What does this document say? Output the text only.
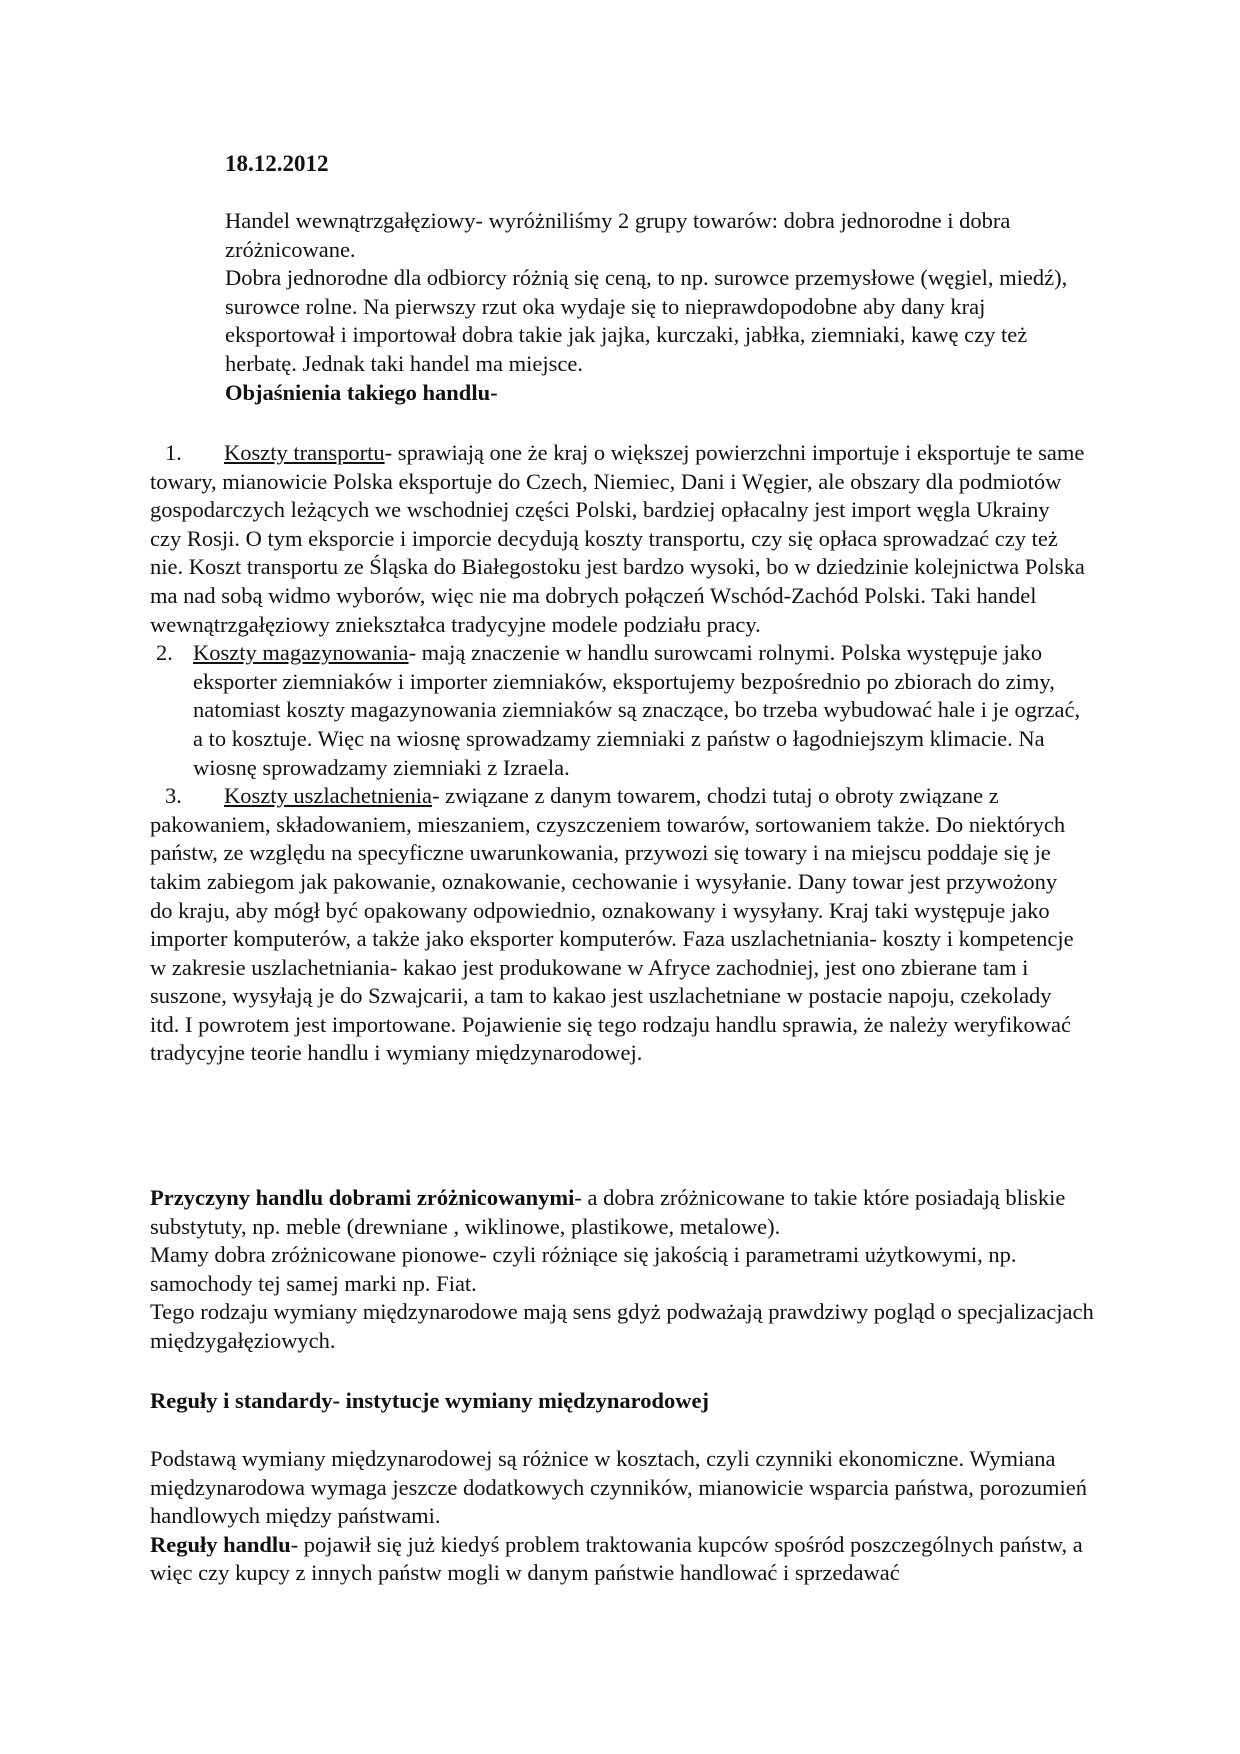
18.12.2012

Handel wewnątrzgałęziowy- wyróżniliśmy 2 grupy towarów: dobra jednorodne i dobra zróżnicowane.

Dobra jednorodne dla odbiorcy różnią się ceną, to np. surowce przemysłowe (węgiel, miedź), surowce rolne. Na pierwszy rzut oka wydaje się to nieprawdopodobne aby dany kraj eksportował i importował dobra takie jak jajka, kurczaki, jabłka, ziemniaki, kawę czy też herbatę. Jednak taki handel ma miejsce.

Objaśnienia takiego handlu-

1.	Koszty transportu- sprawiają one że kraj o większej powierzchni importuje i eksportuje te same towary, mianowicie Polska eksportuje do Czech, Niemiec, Dani i Węgier, ale obszary dla podmiotów gospodarczych leżących we wschodniej części Polski, bardziej opłacalny jest import węgla Ukrainy czy Rosji. O tym eksporcie i imporcie decydują koszty transportu, czy się opłaca sprowadzać czy też nie. Koszt transportu ze Śląska do Białegostoku jest bardzo wysoki, bo w dziedzinie kolejnictwa Polska ma nad sobą widmo wyborów, więc nie ma dobrych połączeń Wschód-Zachód Polski. Taki handel wewnątrzgałęziowy zniekształca tradycyjne modele podziału pracy.

2. Koszty magazynowania- mają znaczenie w handlu surowcami rolnymi. Polska występuje jako eksporter ziemniaków i importer ziemniaków, eksportujemy bezpośrednio po zbiorach do zimy, natomiast koszty magazynowania ziemniaków są znaczące, bo trzeba wybudować hale i je ogrzać, a to kosztuje. Więc na wiosnę sprowadzamy ziemniaki z państw o łagodniejszym klimacie. Na wiosnę sprowadzamy ziemniaki z Izraela.

3.	Koszty uszlachetnienia- związane z danym towarem, chodzi tutaj o obroty związane z pakowaniem, składowaniem, mieszaniem, czyszczeniem towarów, sortowaniem także. Do niektórych państw, ze względu na specyficzne uwarunkowania, przywozi się towary i na miejscu poddaje się je takim zabiegom jak pakowanie, oznakowanie, cechowanie i wysyłanie. Dany towar jest przywożony do kraju, aby mógł być opakowany odpowiednio, oznakowany i wysyłany. Kraj taki występuje jako importer komputerów, a także jako eksporter komputerów. Faza uszlachetniania- koszty i kompetencje w zakresie uszlachetniania- kakao jest produkowane w Afryce zachodniej, jest ono zbierane tam i suszone, wysyłają je do Szwajcarii, a tam to kakao jest uszlachetniane w postacie napoju, czekolady itd. I powrotem jest importowane. Pojawienie się tego rodzaju handlu sprawia, że należy weryfikować tradycyjne teorie handlu i wymiany międzynarodowej.

Przyczyny handlu dobrami zróżnicowanymi- a dobra zróżnicowane to takie które posiadają bliskie substytuty, np. meble (drewniane , wiklinowe, plastikowe, metalowe).

Mamy dobra zróżnicowane pionowe- czyli różniące się jakością i parametrami użytkowymi, np. samochody tej samej marki np. Fiat.

Tego rodzaju wymiany międzynarodowe mają sens gdyż podważają prawdziwy pogląd o specjalizacjach międzygałęziowych.

Reguły i standardy- instytucje wymiany międzynarodowej

Podstawą wymiany międzynarodowej są różnice w kosztach, czyli czynniki ekonomiczne. Wymiana międzynarodowa wymaga jeszcze dodatkowych czynników, mianowicie wsparcia państwa, porozumień handlowych między państwami.

Reguły handlu- pojawił się już kiedyś problem traktowania kupców spośród poszczególnych państw, a więc czy kupcy z innych państw mogli w danym państwie handlować i sprzedawać
